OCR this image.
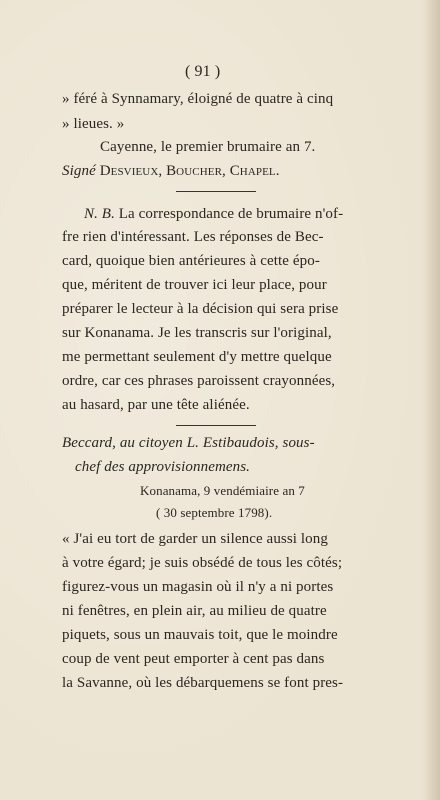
( 91 )
» féré à Synnamary, éloigné de quatre à cinq
» lieues. »
Cayenne, le premier brumaire an 7.
Signé Desvieux, Boucher, Chapel.
N. B. La correspondance de brumaire n'of-
fre rien d'intéressant. Les réponses de Bec-
card, quoique bien antérieures à cette épo-
que, méritent de trouver ici leur place, pour
préparer le lecteur à la décision qui sera prise
sur Konanama. Je les transcris sur l'original,
me permettant seulement d'y mettre quelque
ordre, car ces phrases paroissent crayonnées,
au hasard, par une tête aliénée.
Beccard, au citoyen L. Estibaudois, sous-
chef des approvisionnemens.
Konanama, 9 vendémiaire an 7
( 30 septembre 1798).
« J'ai eu tort de garder un silence aussi long
à votre égard; je suis obsédé de tous les côtés;
figurez-vous un magasin où il n'y a ni portes
ni fenêtres, en plein air, au milieu de quatre
piquets, sous un mauvais toit, que le moindre
coup de vent peut emporter à cent pas dans
la Savanne, où les débarquemens se font pres-
